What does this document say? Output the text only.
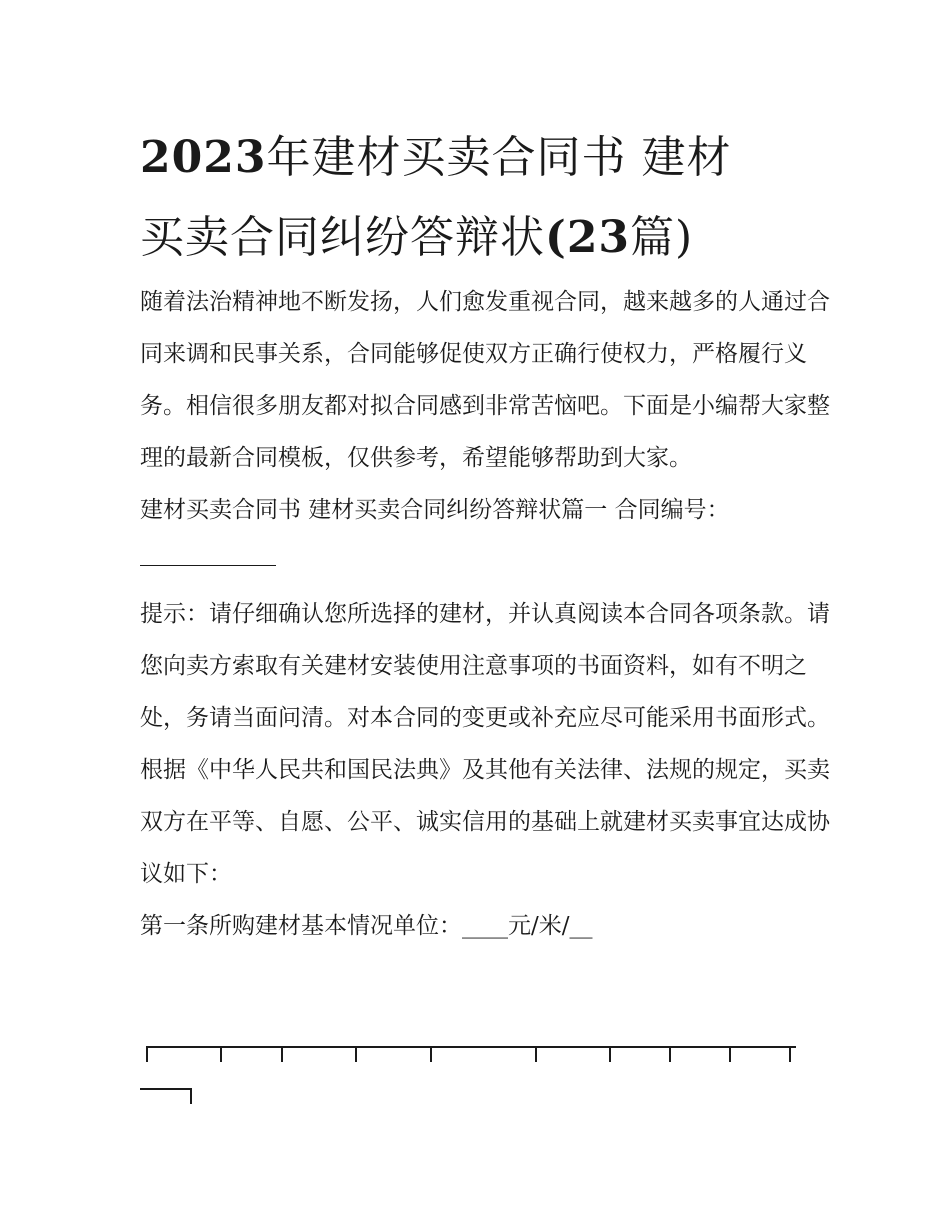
2023年建材买卖合同书 建材
买卖合同纠纷答辩状(23篇)

随着法治精神地不断发扬，人们愈发重视合同，越来越多的人通过合同来调和民事关系，合同能够促使双方正确行使权力，严格履行义务。相信很多朋友都对拟合同感到非常苦恼吧。下面是小编帮大家整理的最新合同模板，仅供参考，希望能够帮助到大家。

建材买卖合同书 建材买卖合同纠纷答辩状篇一 合同编号：

提示：请仔细确认您所选择的建材，并认真阅读本合同各项条款。请您向卖方索取有关建材安装使用注意事项的书面资料，如有不明之处，务请当面问清。对本合同的变更或补充应尽可能采用书面形式。

根据《中华人民共和国民法典》及其他有关法律、法规的规定，买卖双方在平等、自愿、公平、诚实信用的基础上就建材买卖事宜达成协议如下：

第一条所购建材基本情况单位：____元/米/__
